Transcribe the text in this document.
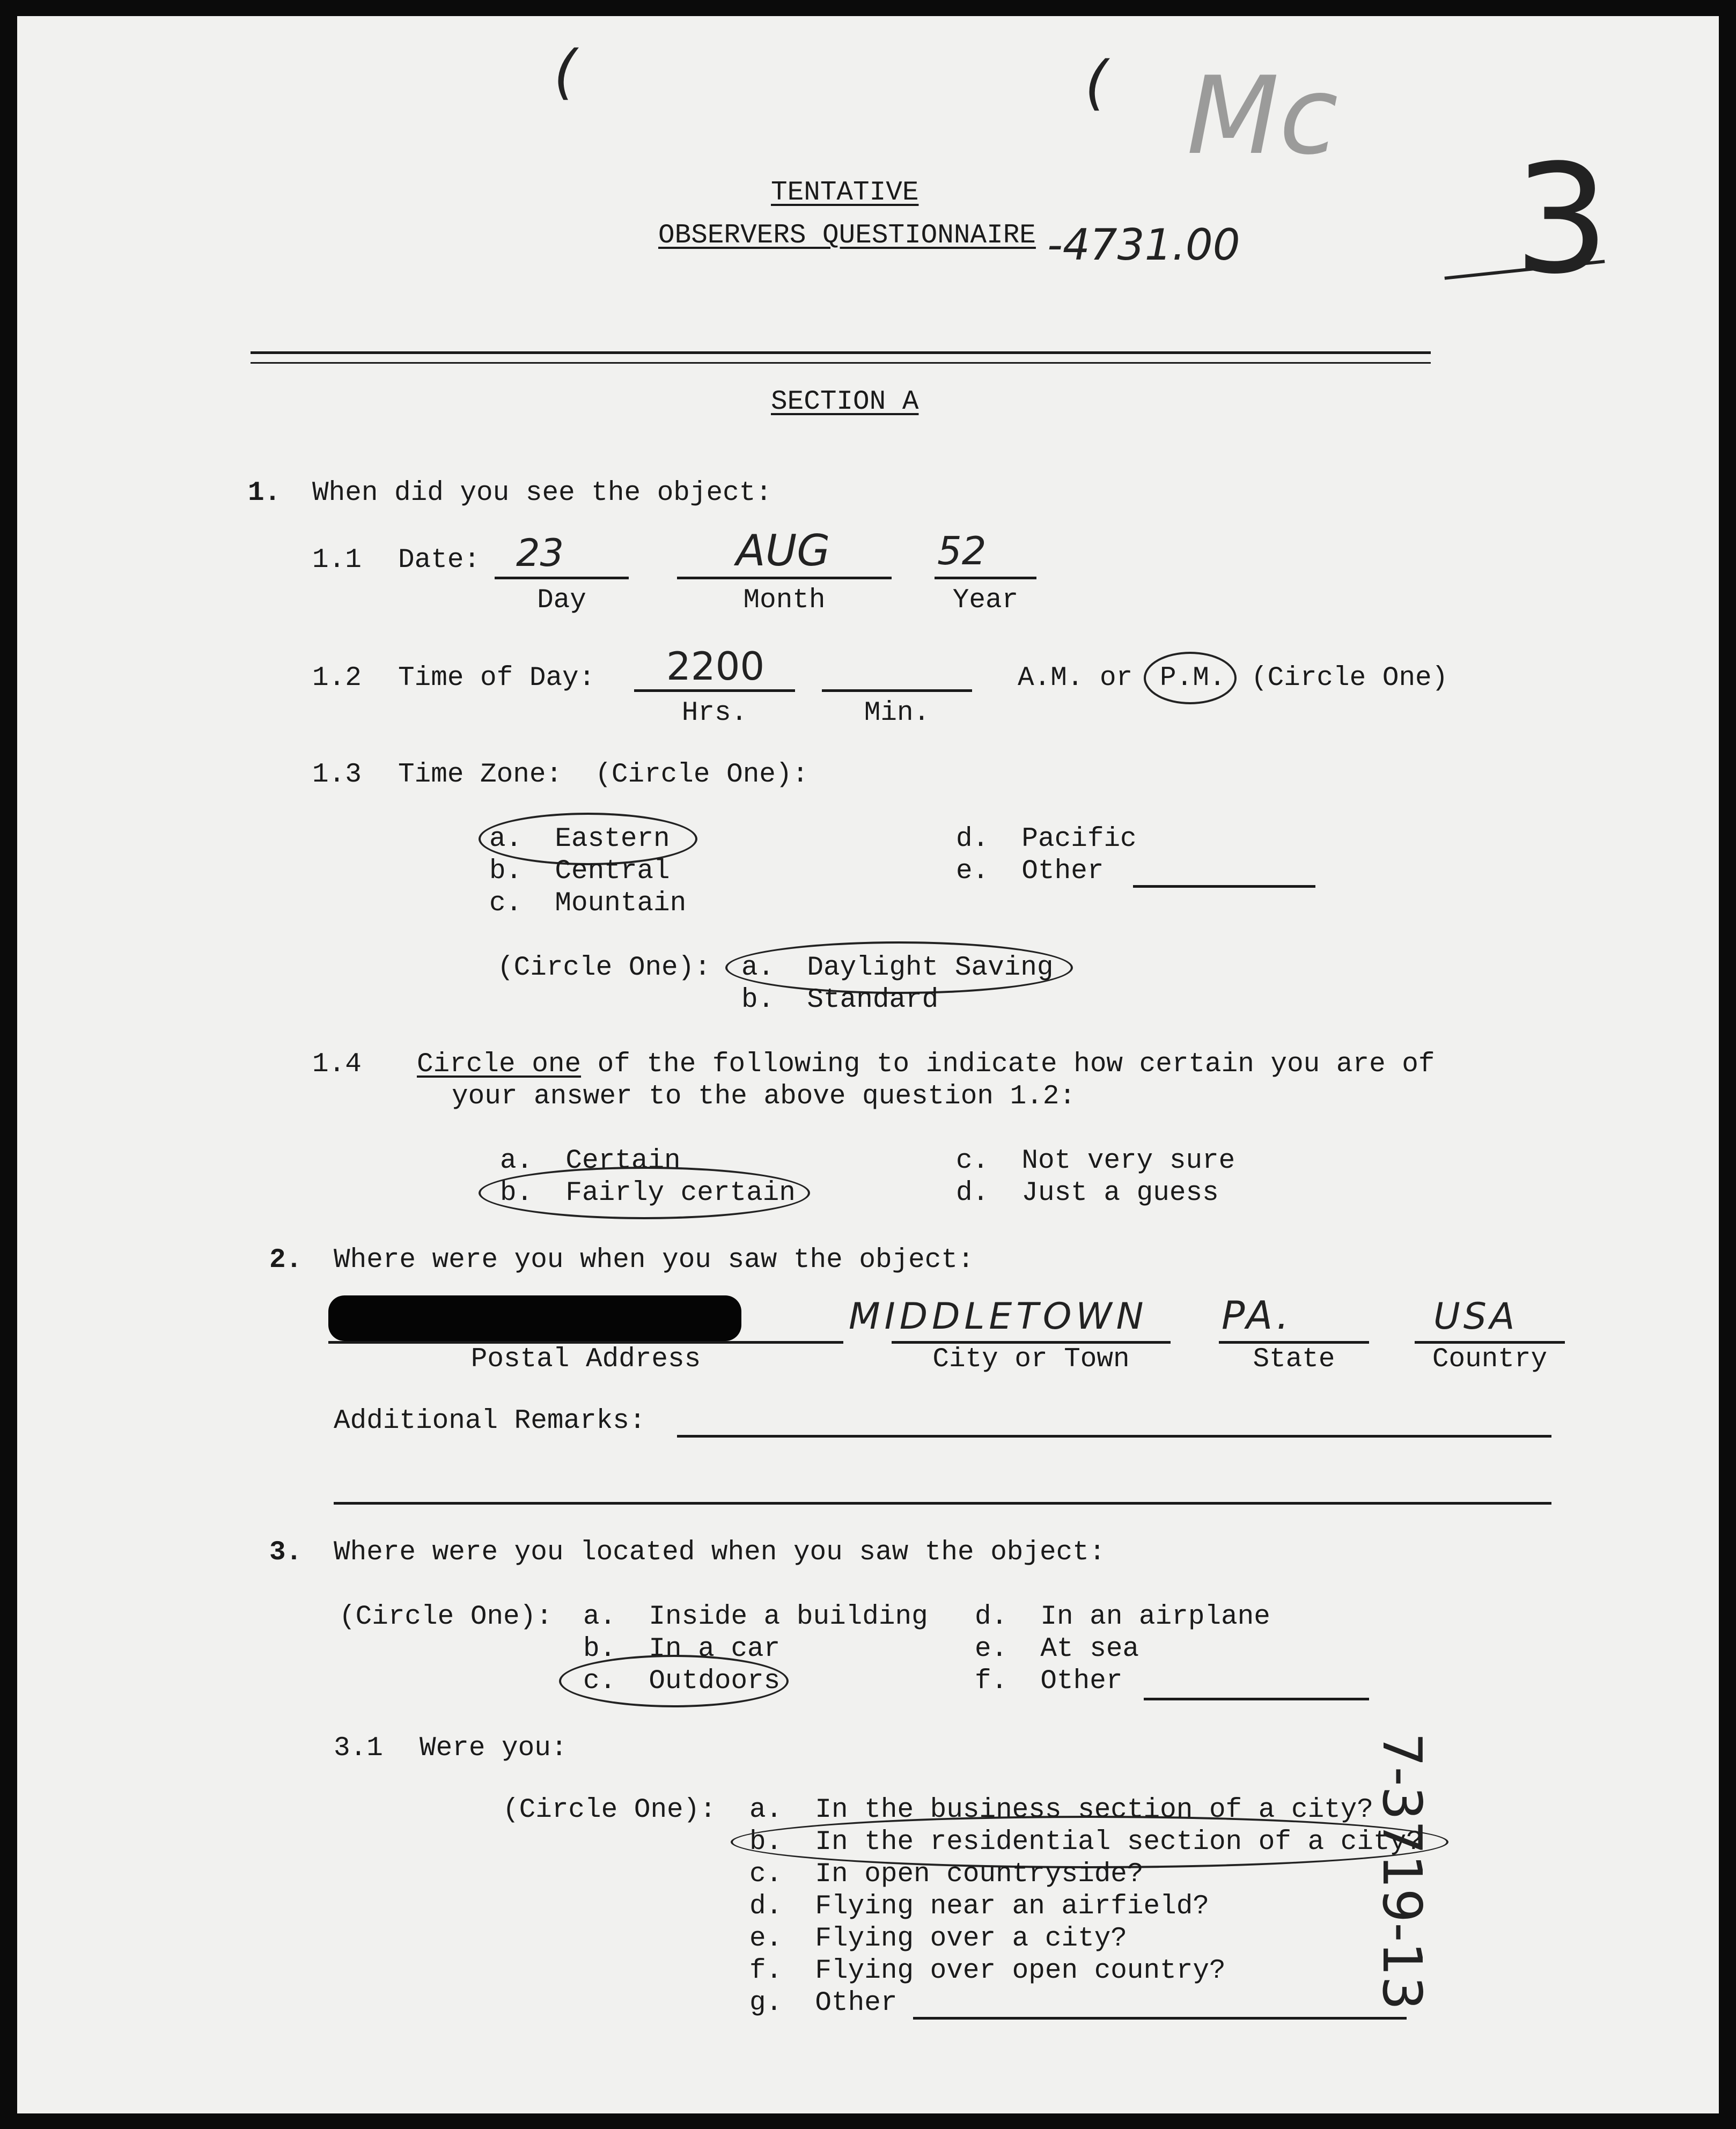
(	( Mc
3
TENTATIVE
OBSERVERS QUESTIONNAIRE -4731.00
SECTION A
1. When did you see the object:
1.1 Date: 23
Day
AUG
Month
52
Year
1.2 Time of Day: 2200
Hrs.	Min.
A.M. or P.M. (Circle One)
1.3 Time Zone:  (Circle One):
a.  Eastern
b.  Central
c.  Mountain
d.  Pacific
e.  Other
(Circle One): a.  Daylight Saving
b.  Standard
1.4 Circle one of the following to indicate how certain you are of
your answer to the above question 1.2:
a.  Certain
b.  Fairly certain
c.  Not very sure
d.  Just a guess
2. Where were you when you saw the object:
Postal Address
MIDDLETOWN
City or Town
PA.
State
USA
Country
Additional Remarks:
3. Where were you located when you saw the object:
(Circle One): a.  Inside a building
b.  In a car
c.  Outdoors
d.  In an airplane
e.  At sea
f.  Other
3.1 Were you:
(Circle One): a.  In the business section of a city?
b.  In the residential section of a city?
c.  In open countryside?
d.  Flying near an airfield?
e.  Flying over a city?
f.  Flying over open country?
g.  Other	7-3719-13
